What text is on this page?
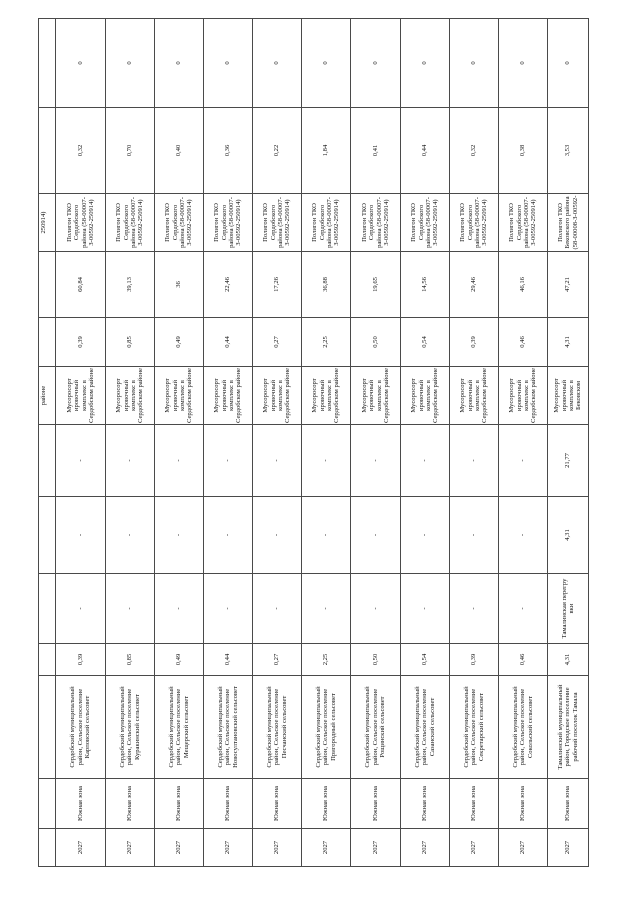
							районе			250914)		
2027	Южная зона	Сердобский муниципальный район, Сельское поселение Карповский сельсовет	0,39	-	-	-	Мусоросорт ировочный комплекс в Сердобском районе	0,39	60,84	Полигон ТКО Сердобского района (58-00007-З-00592-250914)	0,32	0
2027	Южная зона	Сердобский муниципальный район, Сельское поселение Куракинский сельсовет	0,85	-	-	-	Мусоросорт ировочный комплекс в Сердобском районе	0,85	39,13	Полигон ТКО Сердобского района (58-00007-З-00592-250914)	0,70	0
2027	Южная зона	Сердобский муниципальный район, Сельское поселение Мещерский сельсовет	0,49	-	-	-	Мусоросорт ировочный комплекс в Сердобском районе	0,49	36	Полигон ТКО Сердобского района (58-00007-З-00592-250914)	0,40	0
2027	Южная зона	Сердобский муниципальный район, Сельское поселение Новосултановский сельсовет	0,44	-	-	-	Мусоросорт ировочный комплекс в Сердобском районе	0,44	22,46	Полигон ТКО Сердобского района (58-00007-З-00592-250914)	0,36	0
2027	Южная зона	Сердобский муниципальный район, Сельское поселение Песчанский сельсовет	0,27	-	-	-	Мусоросорт ировочный комплекс в Сердобском районе	0,27	17,26	Полигон ТКО Сердобского района (58-00007-З-00592-250914)	0,22	0
2027	Южная зона	Сердобский муниципальный район, Сельское поселение Пригородный сельсовет	2,25	-	-	-	Мусоросорт ировочный комплекс в Сердобском районе	2,25	36,88	Полигон ТКО Сердобского района (58-00007-З-00592-250914)	1,84	0
2027	Южная зона	Сердобский муниципальный район, Сельское поселение Рощинский сельсовет	0,50	-	-	-	Мусоросорт ировочный комплекс в Сердобском районе	0,50	19,65	Полигон ТКО Сердобского района (58-00007-З-00592-250914)	0,41	0
2027	Южная зона	Сердобский муниципальный район, Сельское поселение Сазанский сельсовет	0,54	-	-	-	Мусоросорт ировочный комплекс в Сердобском районе	0,54	14,56	Полигон ТКО Сердобского района (58-00007-З-00592-250914)	0,44	0
2027	Южная зона	Сердобский муниципальный район, Сельское поселение Секретарский сельсовет	0,39	-	-	-	Мусоросорт ировочный комплекс в Сердобском районе	0,39	29,46	Полигон ТКО Сердобского района (58-00007-З-00592-250914)	0,32	0
2027	Южная зона	Сердобский муниципальный район, Сельское поселение Сокольский сельсовет	0,46	-	-	-	Мусоросорт ировочный комплекс в Сердобском районе	0,46	46,16	Полигон ТКО Сердобского района (58-00007-З-00592-250914)	0,38	0
2027	Южная зона	Тамалинский муниципальный район, Городское поселение рабочий поселок Тамала	4,31	Тамалинская перегру вки	4,31	21,77	Мусоросорт ировочный комплекс в Бековском	4,31	47,21	Полигон ТКО Бековского района (58-00008-З-00592-	3,53	0
